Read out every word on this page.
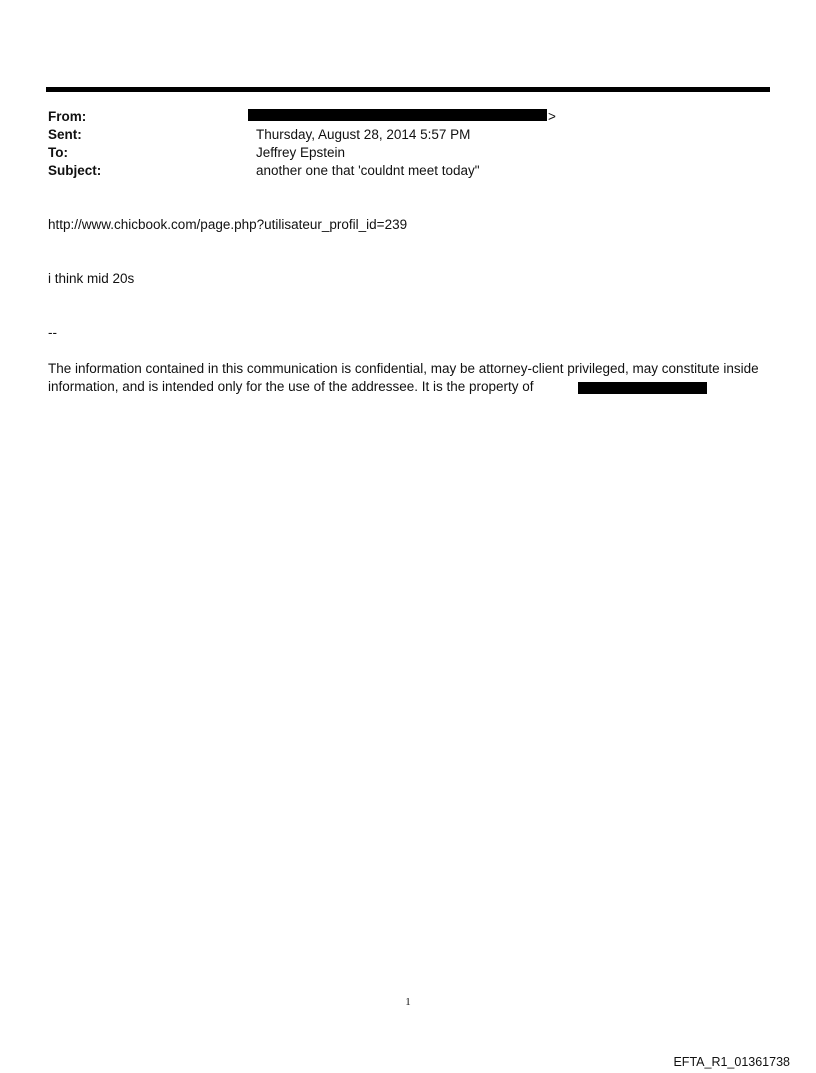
From:	>
Sent:	Thursday, August 28, 2014 5:57 PM
To:	Jeffrey Epstein
Subject:	another one that 'couldnt meet today"
http://www.chicbook.com/page.php?utilisateur_profil_id=239
i think mid 20s
--
The information contained in this communication is confidential, may be attorney-client privileged, may constitute inside information, and is intended only for the use of the addressee. It is the property of
1
EFTA_R1_01361738
